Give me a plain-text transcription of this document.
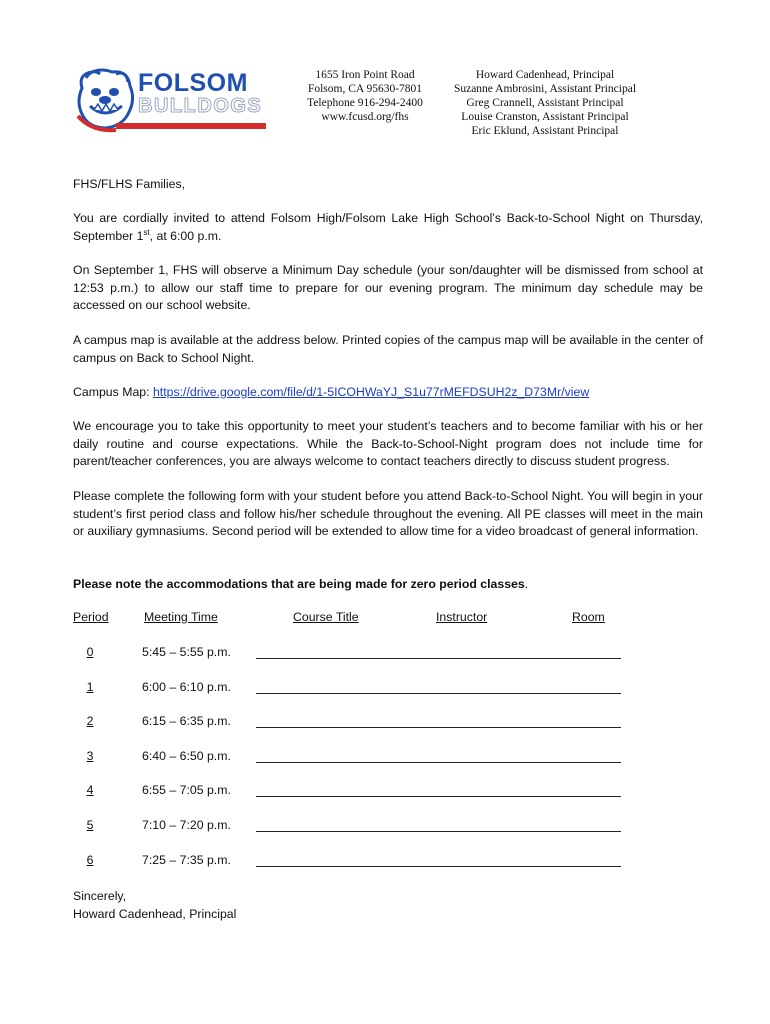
FOLSOM
BULLDOGS
1655 Iron Point Road
Folsom, CA 95630-7801
Telephone 916-294-2400
www.fcusd.org/fhs
Howard Cadenhead, Principal
Suzanne Ambrosini, Assistant Principal
Greg Crannell, Assistant Principal
Louise Cranston, Assistant Principal
Eric Eklund, Assistant Principal
FHS/FLHS Families,
You are cordially invited to attend Folsom High/Folsom Lake High School’s Back-to-School Night on Thursday, September 1st, at 6:00 p.m.
On September 1, FHS will observe a Minimum Day schedule (your son/daughter will be dismissed from school at 12:53 p.m.) to allow our staff time to prepare for our evening program. The minimum day schedule may be accessed on our school website.
A campus map is available at the address below. Printed copies of the campus map will be available in the center of campus on Back to School Night.
Campus Map: https://drive.google.com/file/d/1-5ICOHWaYJ_S1u77rMEFDSUH2z_D73Mr/view
We encourage you to take this opportunity to meet your student’s teachers and to become familiar with his or her daily routine and course expectations. While the Back-to-School-Night program does not include time for parent/teacher conferences, you are always welcome to contact teachers directly to discuss student progress.
Please complete the following form with your student before you attend Back-to-School Night. You will begin in your student’s first period class and follow his/her schedule throughout the evening. All PE classes will meet in the main or auxiliary gymnasiums. Second period will be extended to allow time for a video broadcast of general information.
Please note the accommodations that are being made for zero period classes.
Period	Meeting Time	Course Title	Instructor	Room
0	5:45 – 5:55 p.m.
1	6:00 – 6:10 p.m.
2	6:15 – 6:35 p.m.
3	6:40 – 6:50 p.m.
4	6:55 – 7:05 p.m.
5	7:10 – 7:20 p.m.
6	7:25 – 7:35 p.m.
Sincerely,
Howard Cadenhead, Principal
